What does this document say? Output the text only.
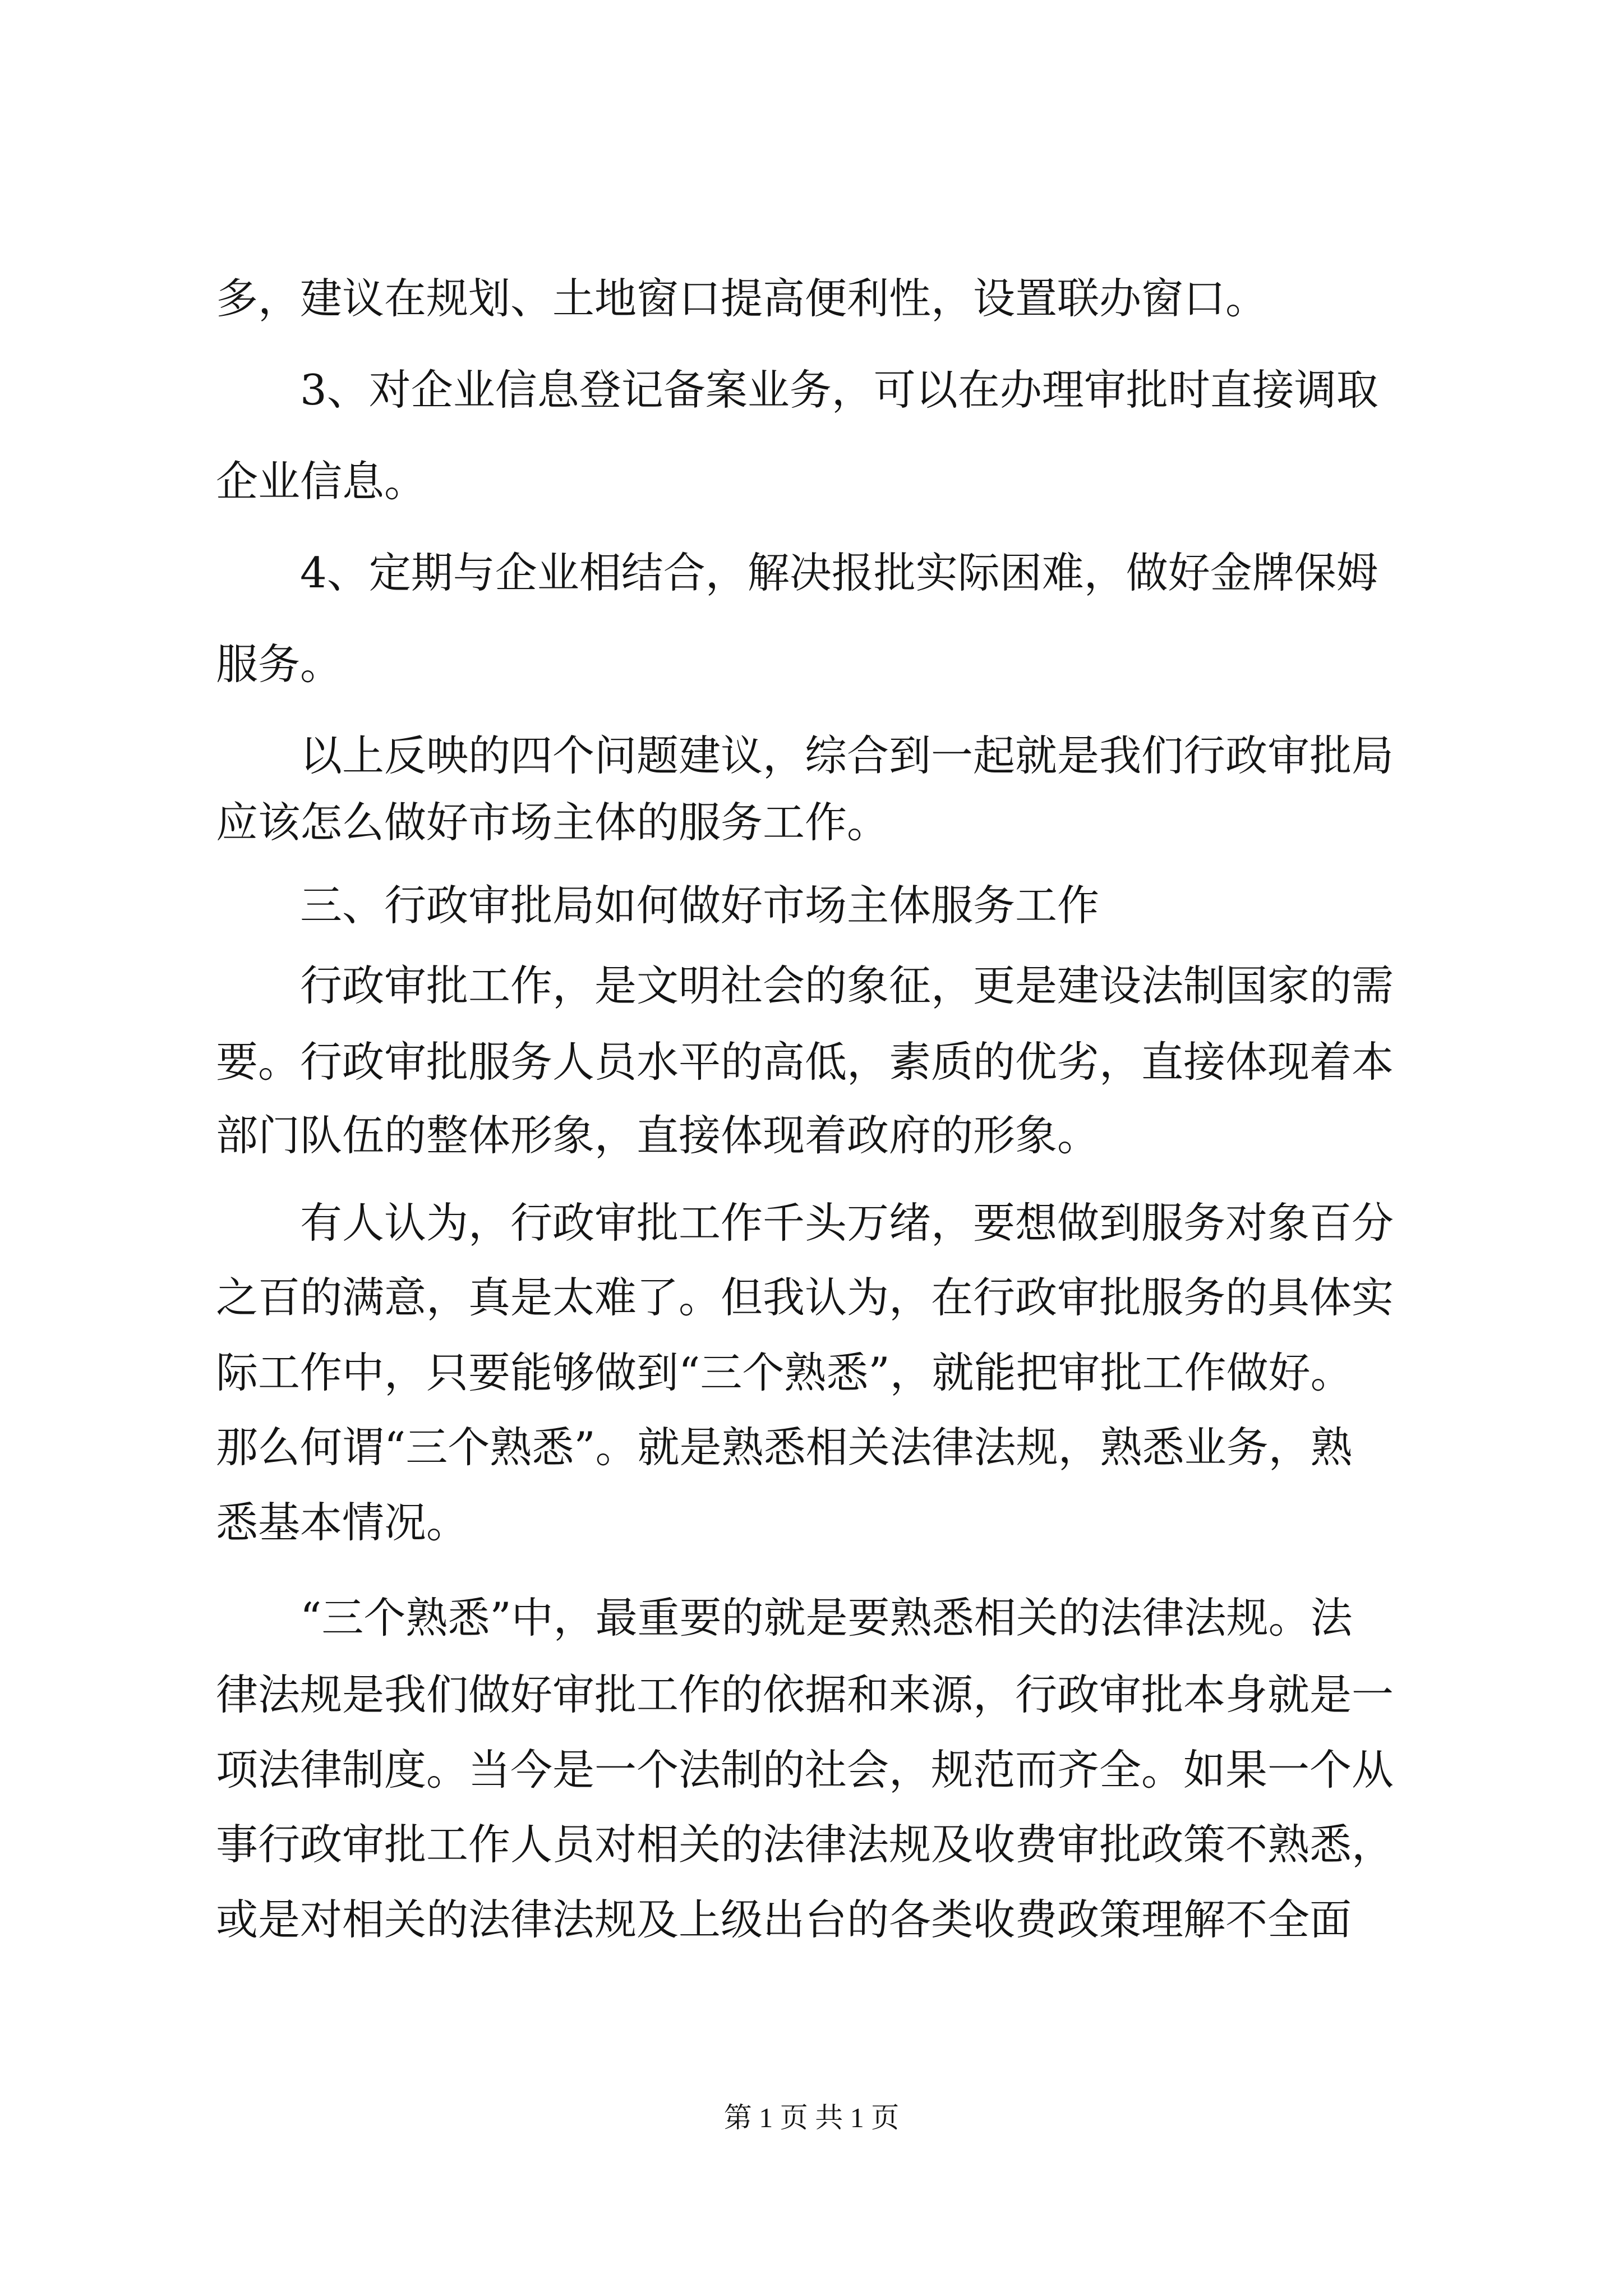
多，建议在规划、土地窗口提高便利性，设置联办窗口。
3、对企业信息登记备案业务，可以在办理审批时直接调取
企业信息。
4、定期与企业相结合，解决报批实际困难，做好金牌保姆
服务。
以上反映的四个问题建议，综合到一起就是我们行政审批局
应该怎么做好市场主体的服务工作。
三、行政审批局如何做好市场主体服务工作
行政审批工作，是文明社会的象征，更是建设法制国家的需
要。行政审批服务人员水平的高低，素质的优劣，直接体现着本
部门队伍的整体形象，直接体现着政府的形象。
有人认为，行政审批工作千头万绪，要想做到服务对象百分
之百的满意，真是太难了。但我认为，在行政审批服务的具体实
际工作中，只要能够做到“三个熟悉”，就能把审批工作做好。
那么何谓“三个熟悉”。就是熟悉相关法律法规，熟悉业务，熟
悉基本情况。
“三个熟悉”中，最重要的就是要熟悉相关的法律法规。法
律法规是我们做好审批工作的依据和来源，行政审批本身就是一
项法律制度。当今是一个法制的社会，规范而齐全。如果一个从
事行政审批工作人员对相关的法律法规及收费审批政策不熟悉，
或是对相关的法律法规及上级出台的各类收费政策理解不全面
第 1 页 共 1 页
